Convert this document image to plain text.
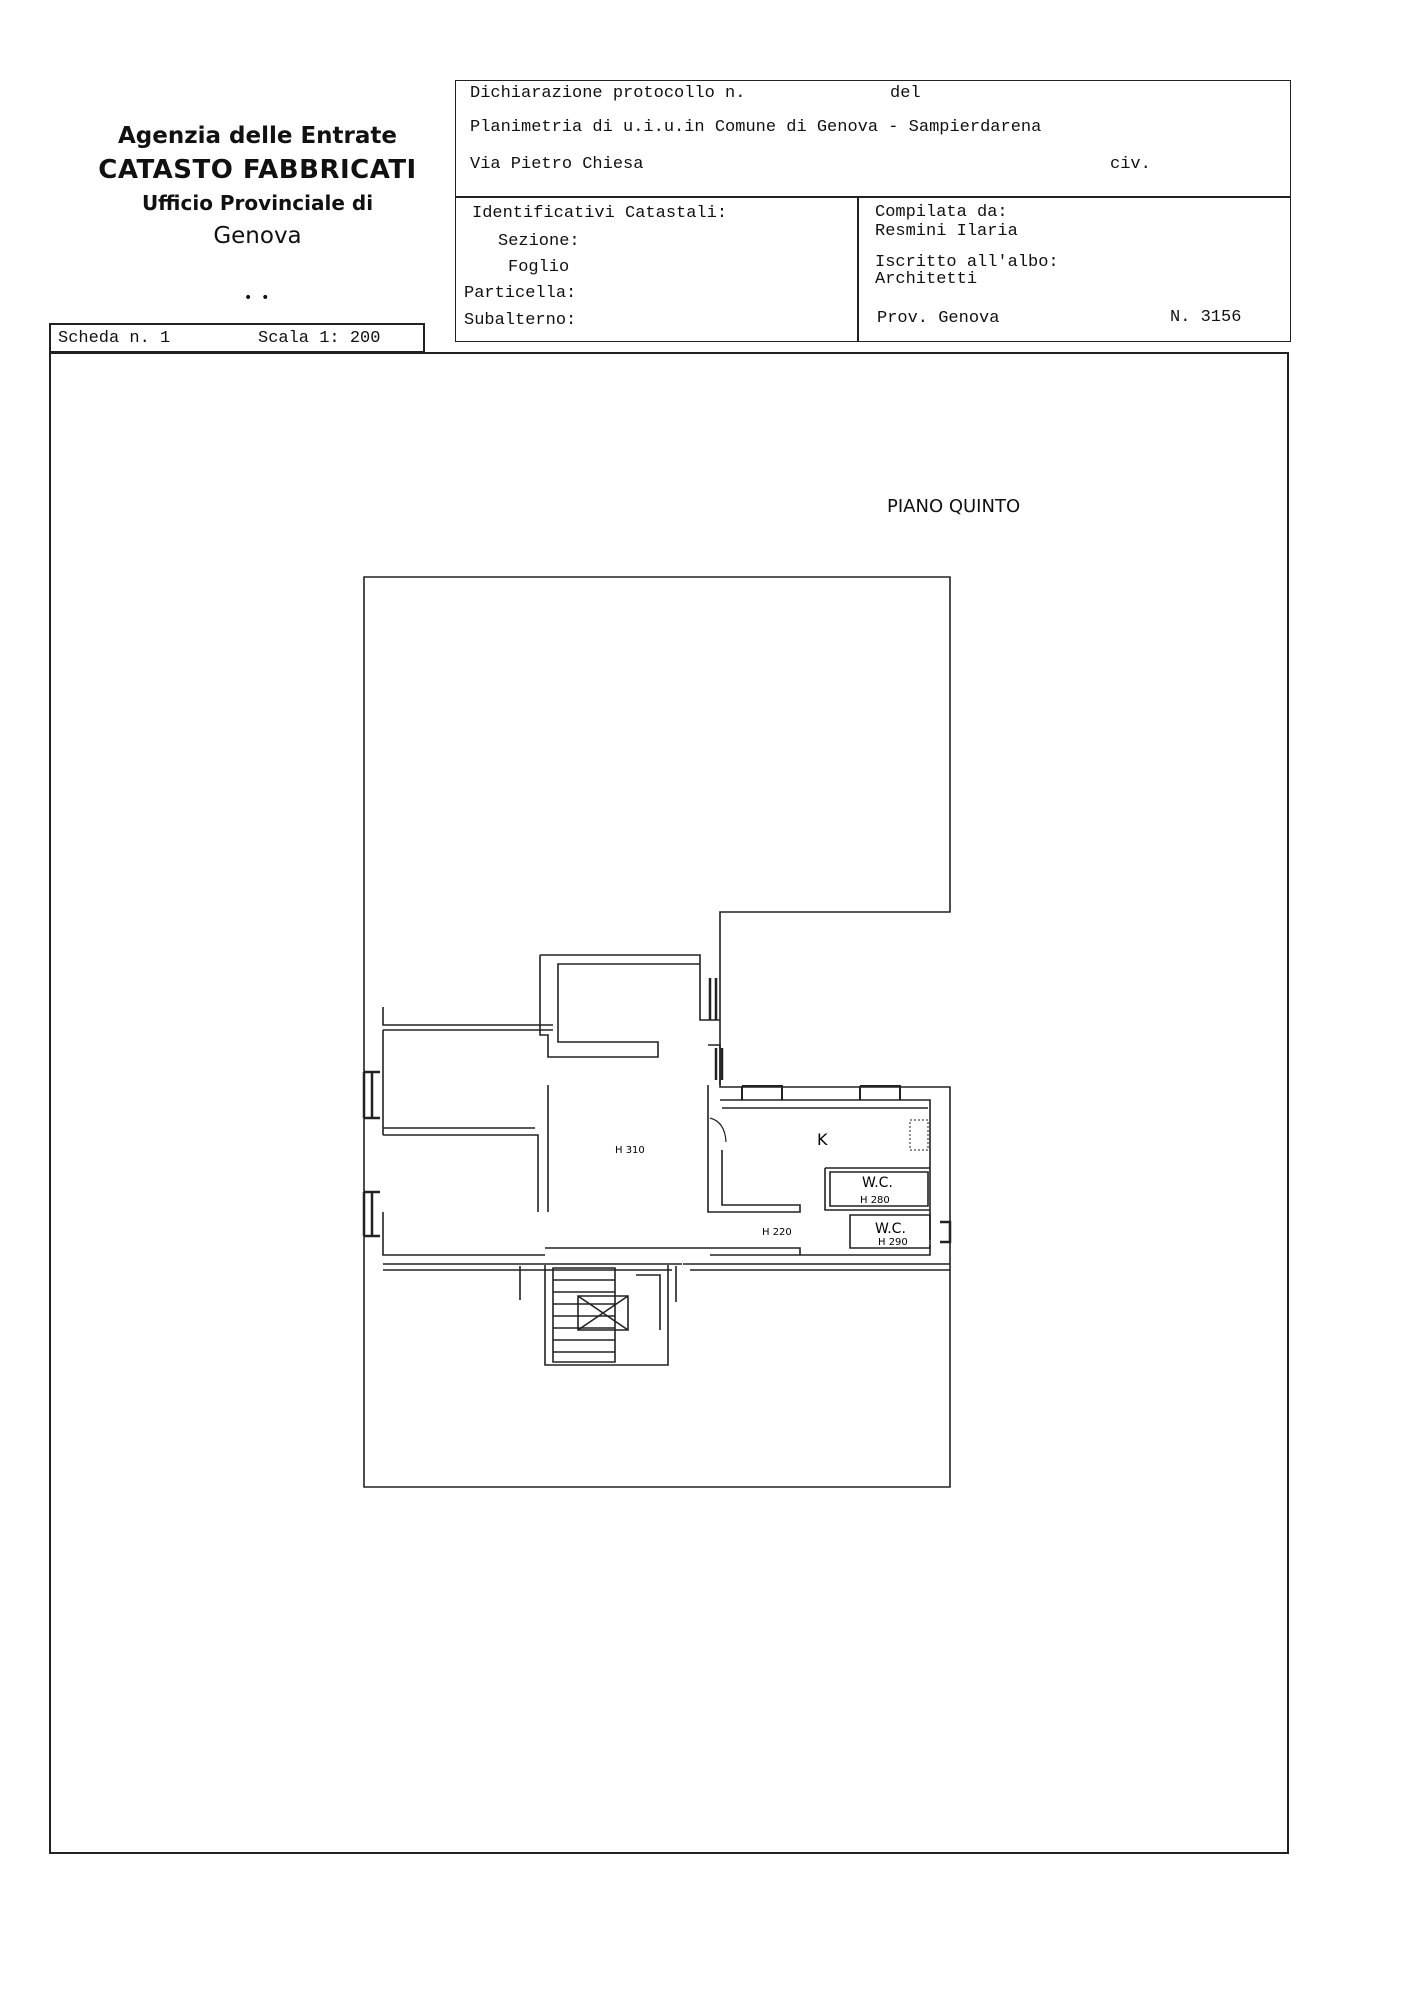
Agenzia delle Entrate
CATASTO FABBRICATI
Ufficio Provinciale di
Genova
•  •
Dichiarazione protocollo n.	del
Planimetria di u.i.u.in Comune di Genova - Sampierdarena
Via Pietro Chiesa	civ.
Identificativi Catastali:
Sezione:
Foglio
Particella:
Subalterno:
Compilata da:
Resmini Ilaria
Iscritto all'albo:
Architetti
Prov. Genova	N. 3156
Scheda n. 1	Scala 1: 200
PIANO QUINTO
H 310
K
H 220
W.C.
H 280
W.C.
H 290
